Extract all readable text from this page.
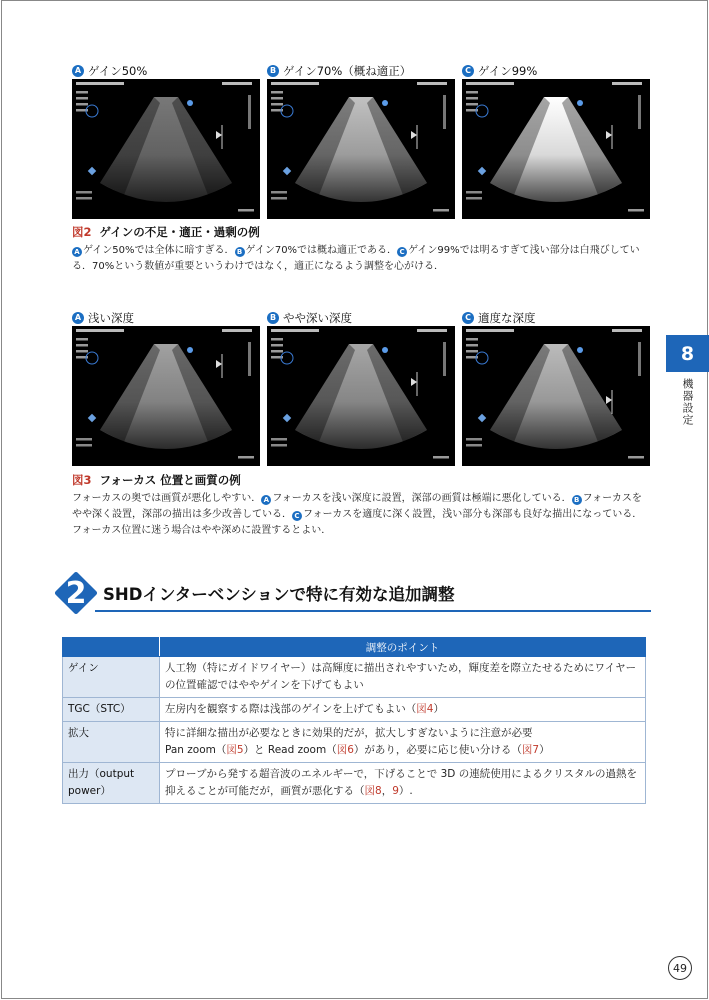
A ゲイン50%	B ゲイン70%（概ね適正）	C ゲイン99%
図2 ゲインの不足・適正・過剰の例
A ゲイン50%では全体に暗すぎる． B ゲイン70%では概ね適正である． C ゲイン99%では明るすぎて浅い部分は白飛びしている．70%という数値が重要というわけではなく，適正になるよう調整を心がける．
A 浅い深度	B やや深い深度	C 適度な深度
図3 フォーカス 位置と画質の例
フォーカスの奥では画質が悪化しやすい． A フォーカスを浅い深度に設置，深部の画質は極端に悪化している． B フォーカスをやや深く設置，深部の描出は多少改善している． C フォーカスを適度に深く設置，浅い部分も深部も良好な描出になっている．フォーカス位置に迷う場合はやや深めに設置するとよい．
8
機器設定
2 SHDインターベンションで特に有効な追加調整
	調整のポイント
ゲイン	人工物（特にガイドワイヤー）は高輝度に描出されやすいため，輝度差を際立たせるためにワイヤーの位置確認ではややゲインを下げてもよい
TGC（STC）	左房内を観察する際は浅部のゲインを上げてもよい（図4）
拡大	特に詳細な描出が必要なときに効果的だが，拡大しすぎないように注意が必要
Pan zoom（図5）と Read zoom（図6）があり，必要に応じ使い分ける（図7）

出力（output power）	プローブから発する超音波のエネルギーで，下げることで 3D の連続使用によるクリスタルの過熱を抑えることが可能だが，画質が悪化する（図8，9）.
49
